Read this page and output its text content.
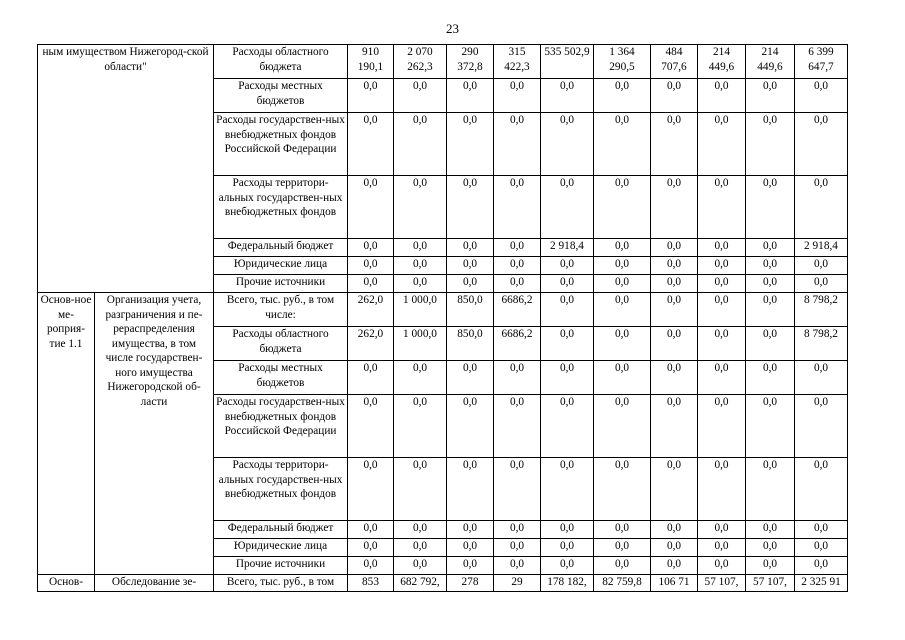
23
ным имуществом Нижегород-ской области"		Расходы областного бюджета	910 190,1	2 070 262,3	290 372,8	315 422,3	535 502,9	1 364 290,5	484 707,6	214 449,6	214 449,6	6 399 647,7
		Расходы местных бюджетов	0,0	0,0	0,0	0,0	0,0	0,0	0,0	0,0	0,0	0,0
		Расходы государствен-ных внебюджетных фондов Российской Федерации	0,0	0,0	0,0	0,0	0,0	0,0	0,0	0,0	0,0	0,0
		Расходы территори-альных государствен-ных внебюджетных фондов	0,0	0,0	0,0	0,0	0,0	0,0	0,0	0,0	0,0	0,0
		Федеральный бюджет	0,0	0,0	0,0	0,0	2 918,4	0,0	0,0	0,0	0,0	2 918,4
		Юридические лица	0,0	0,0	0,0	0,0	0,0	0,0	0,0	0,0	0,0	0,0
		Прочие источники	0,0	0,0	0,0	0,0	0,0	0,0	0,0	0,0	0,0	0,0
Основ-ное ме-роприя-тие 1.1	Организация учета, разграничения и пе-рераспределения имущества, в том числе государствен-ного имущества Нижегородской об-ласти	Всего, тыс. руб., в том числе:	262,0	1 000,0	850,0	6686,2	0,0	0,0	0,0	0,0	0,0	8 798,2
		Расходы областного бюджета	262,0	1 000,0	850,0	6686,2	0,0	0,0	0,0	0,0	0,0	8 798,2
		Расходы местных бюджетов	0,0	0,0	0,0	0,0	0,0	0,0	0,0	0,0	0,0	0,0
		Расходы государствен-ных внебюджетных фондов Российской Федерации	0,0	0,0	0,0	0,0	0,0	0,0	0,0	0,0	0,0	0,0
		Расходы территори-альных государствен-ных внебюджетных фондов	0,0	0,0	0,0	0,0	0,0	0,0	0,0	0,0	0,0	0,0
		Федеральный бюджет	0,0	0,0	0,0	0,0	0,0	0,0	0,0	0,0	0,0	0,0
		Юридические лица	0,0	0,0	0,0	0,0	0,0	0,0	0,0	0,0	0,0	0,0
		Прочие источники	0,0	0,0	0,0	0,0	0,0	0,0	0,0	0,0	0,0	0,0
Основ-	Обследование зе-	Всего, тыс. руб., в том	853	682 792,	278	29	178 182,	82 759,8	106 71	57 107,	57 107,	2 325 91
